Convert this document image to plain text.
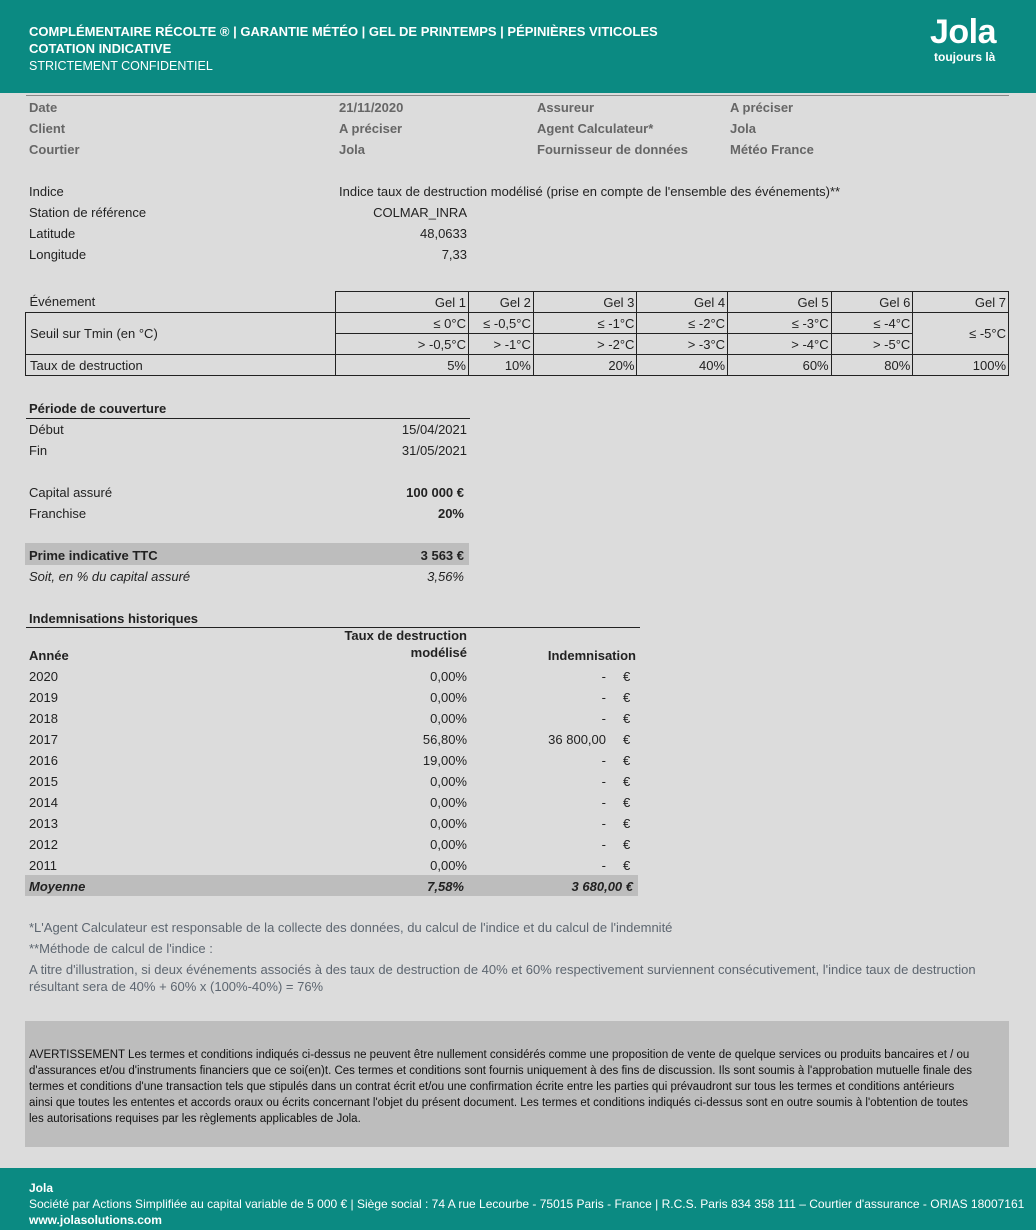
COMPLÉMENTAIRE RÉCOLTE ® | GARANTIE MÉTÉO | GEL DE PRINTEMPS | PÉPINIÈRES VITICOLES
COTATION INDICATIVE
STRICTEMENT CONFIDENTIEL
Jola
toujours là
Date	21/11/2020	Assureur	A préciser
Client	A préciser	Agent Calculateur*	Jola
Courtier	Jola	Fournisseur de données	Météo France
Indice	Indice taux de destruction modélisé (prise en compte de l'ensemble des événements)**
Station de référence	COLMAR_INRA
Latitude	48,0633
Longitude	7,33
Événement	Gel 1	Gel 2	Gel 3	Gel 4	Gel 5	Gel 6	Gel 7
Seuil sur Tmin (en °C)	≤ 0°C	≤ -0,5°C	≤ -1°C	≤ -2°C	≤ -3°C	≤ -4°C	≤ -5°C
	> -0,5°C	> -1°C	> -2°C	> -3°C	> -4°C	> -5°C	
Taux de destruction	5%	10%	20%	40%	60%	80%	100%
Période de couverture
Début	15/04/2021
Fin	31/05/2021
Capital assuré	100 000 €
Franchise	20%
Prime indicative TTC	3 563 €
Soit, en % du capital assuré	3,56%
Indemnisations historiques
Taux de destruction
modélisé
Année	Indemnisation
2020	0,00%	- €
2019	0,00%	- €
2018	0,00%	- €
2017	56,80%	36 800,00 €
2016	19,00%	- €
2015	0,00%	- €
2014	0,00%	- €
2013	0,00%	- €
2012	0,00%	- €
2011	0,00%	- €
Moyenne	7,58%	3 680,00 €
*L'Agent Calculateur est responsable de la collecte des données, du calcul de l'indice et du calcul de l'indemnité
**Méthode de calcul de l'indice :
A titre d'illustration, si deux événements associés à des taux de destruction de 40% et 60% respectivement surviennent consécutivement, l'indice taux de destruction
résultant sera de 40% + 60% x (100%-40%) = 76%

AVERTISSEMENT Les termes et conditions indiqués ci-dessus ne peuvent être nullement considérés comme une proposition de vente de quelque services ou produits bancaires et / ou d'assurances et/ou d'instruments financiers que ce soi(en)t. Ces termes et conditions sont fournis uniquement à des fins de discussion. Ils sont soumis à l'approbation mutuelle finale des termes et conditions d'une transaction tels que stipulés dans un contrat écrit et/ou une confirmation écrite entre les parties qui prévaudront sur tous les termes et conditions antérieurs ainsi que toutes les ententes et accords oraux ou écrits concernant l'objet du présent document. Les termes et conditions indiqués ci-dessus sont en outre soumis à l'obtention de toutes les autorisations requises par les règlements applicables de Jola.

Jola
Société par Actions Simplifiée au capital variable de 5 000 € | Siège social : 74 A rue Lecourbe - 75015 Paris - France | R.C.S. Paris 834 358 111 – Courtier d'assurance - ORIAS 18007161
www.jolasolutions.com
